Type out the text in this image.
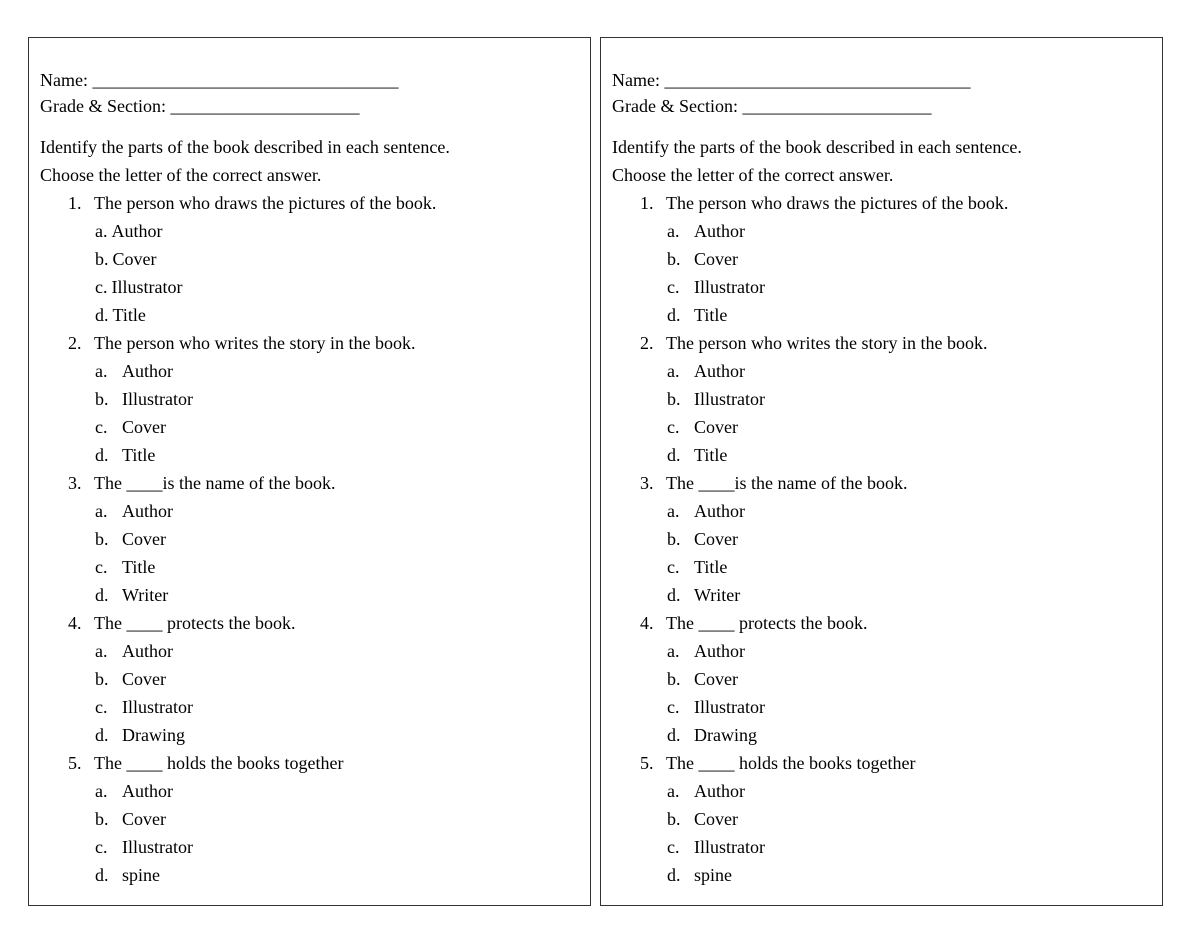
Name: __________________________________
Grade & Section: _____________________
Identify the parts of the book described in each sentence.
Choose the letter of the correct answer.
1. The person who draws the pictures of the book.
a. Author
b. Cover
c. Illustrator
d. Title
2. The person who writes the story in the book.
a. Author
b. Illustrator
c. Cover
d. Title
3. The ____is the name of the book.
a. Author
b. Cover
c. Title
d. Writer
4. The ____ protects the book.
a. Author
b. Cover
c. Illustrator
d. Drawing
5. The ____ holds the books together
a. Author
b. Cover
c. Illustrator
d. spine
Name: __________________________________
Grade & Section: _____________________
Identify the parts of the book described in each sentence.
Choose the letter of the correct answer.
1. The person who draws the pictures of the book.
a. Author
b. Cover
c. Illustrator
d. Title
2. The person who writes the story in the book.
a. Author
b. Illustrator
c. Cover
d. Title
3. The ____is the name of the book.
a. Author
b. Cover
c. Title
d. Writer
4. The ____ protects the book.
a. Author
b. Cover
c. Illustrator
d. Drawing
5. The ____ holds the books together
a. Author
b. Cover
c. Illustrator
d. spine
